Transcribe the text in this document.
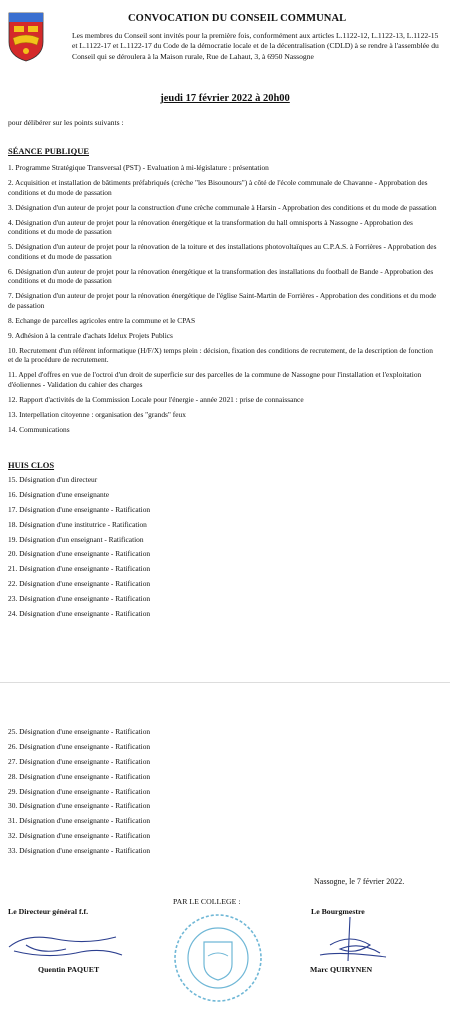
CONVOCATION DU CONSEIL COMMUNAL
Les membres du Conseil sont invités pour la première fois, conformément aux articles L.1122-12, L.1122-13, L.1122-15 et L.1122-17 et L.1122-17 du Code de la démocratie locale et de la décentralisation (CDLD) à se rendre à l'assemblée du Conseil qui se déroulera à la Maison rurale, Rue de Lahaut, 3, à 6950 Nassogne
jeudi 17 février 2022 à 20h00
pour délibérer sur les points suivants :
SÉANCE PUBLIQUE
1. Programme Stratégique Transversal (PST) - Evaluation à mi-législature : présentation
2. Acquisition et installation de bâtiments préfabriqués (crèche "les Bisounours") à côté de l'école communale de Chavanne - Approbation des conditions et du mode de passation
3. Désignation d'un auteur de projet pour la construction d'une crèche communale à Harsin - Approbation des conditions et du mode de passation
4. Désignation d'un auteur de projet pour la rénovation énergétique et la transformation du hall omnisports à Nassogne - Approbation des conditions et du mode de passation
5. Désignation d'un auteur de projet pour la rénovation de la toiture et des installations photovoltaïques au C.P.A.S. à Forrières - Approbation des conditions et du mode de passation
6. Désignation d'un auteur de projet pour la rénovation énergétique et la transformation des installations du football de Bande - Approbation des conditions et du mode de passation
7. Désignation d'un auteur de projet pour la rénovation énergétique de l'église Saint-Martin de Forrières - Approbation des conditions et du mode de passation
8. Echange de parcelles agricoles entre la commune et le CPAS
9. Adhésion à la centrale d'achats Idelux Projets Publics
10. Recrutement d'un référent informatique (H/F/X) temps plein : décision, fixation des conditions de recrutement, de la description de fonction et de la procédure de recrutement.
11. Appel d'offres en vue de l'octroi d'un droit de superficie sur des parcelles de la commune de Nassogne pour l'installation et l'exploitation d'éoliennes - Validation du cahier des charges
12. Rapport d'activités de la Commission Locale pour l'énergie - année 2021 : prise de connaissance
13. Interpellation citoyenne : organisation des "grands" feux
14. Communications
HUIS CLOS
15. Désignation d'un directeur
16. Désignation d'une enseignante
17. Désignation d'une enseignante - Ratification
18. Désignation d'une institutrice - Ratification
19. Désignation d'un enseignant - Ratification
20. Désignation d'une enseignante - Ratification
21. Désignation d'une enseignante - Ratification
22. Désignation d'une enseignante - Ratification
23. Désignation d'une enseignante - Ratification
24. Désignation d'une enseignante - Ratification
25. Désignation d'une enseignante - Ratification
26. Désignation d'une enseignante - Ratification
27. Désignation d'une enseignante - Ratification
28. Désignation d'une enseignante - Ratification
29. Désignation d'une enseignante - Ratification
30. Désignation d'une enseignante - Ratification
31. Désignation d'une enseignante - Ratification
32. Désignation d'une enseignante - Ratification
33. Désignation d'une enseignante - Ratification
Nassogne, le 7 février 2022.
PAR LE COLLEGE :
Le Directeur général f.f.	Le Bourgmestre
Quentin PAQUET	Marc QUIRYNEN
